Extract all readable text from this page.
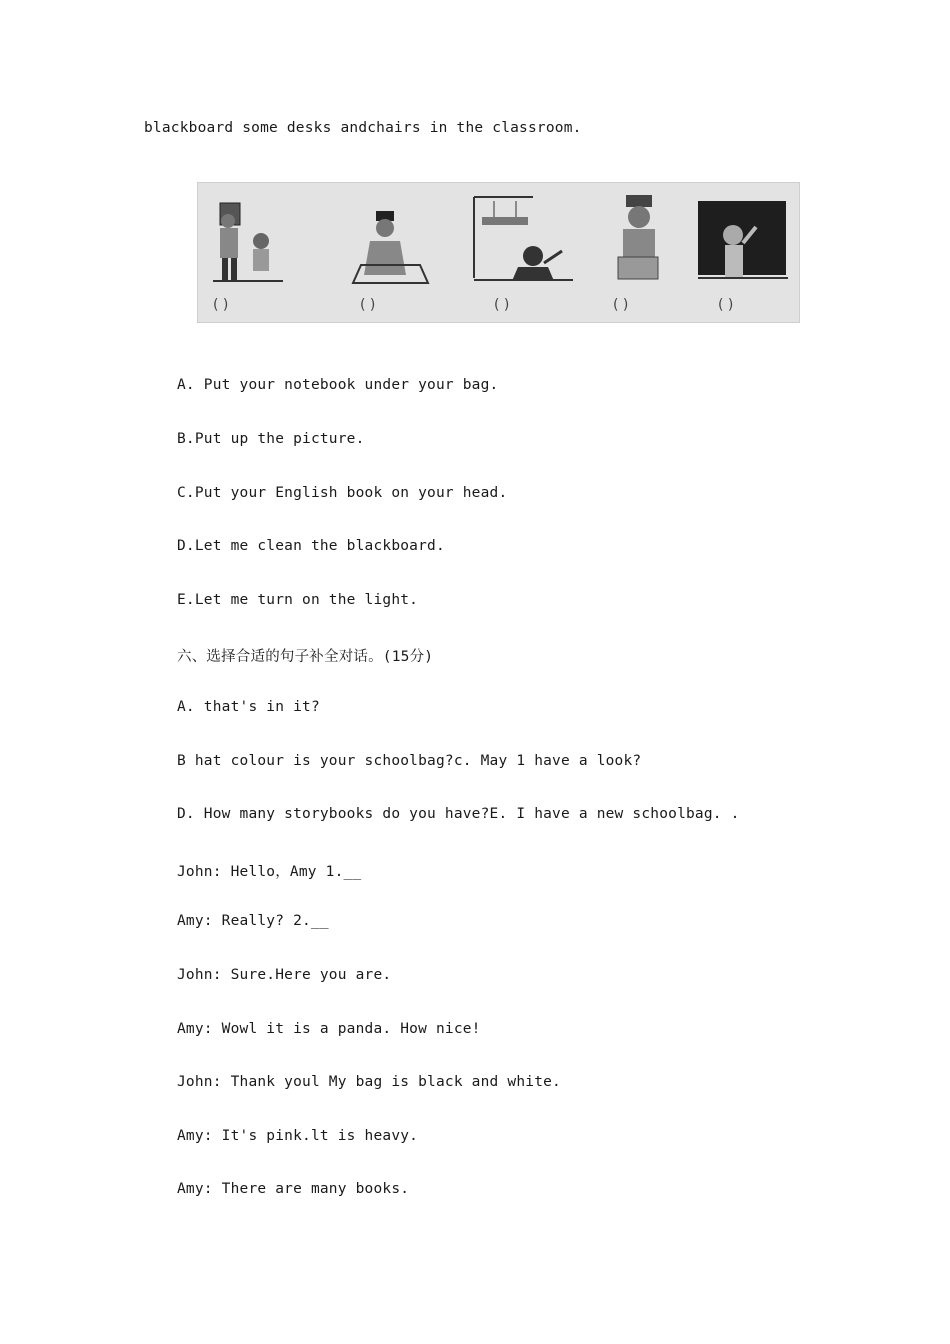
blackboard some desks andchairs in the classroom.
( )	( )	( )	( )	( )
A. Put your notebook under your bag.
B.Put up the picture.
C.Put your English book on your head.
D.Let me clean the blackboard.
E.Let me turn on the light.
六、选择合适的句子补全对话。(15分)
A. that's in it?
B hat colour is your schoolbag?c. May 1 have a look?
D. How many storybooks do you have?E. I have a new schoolbag. .
John: Hello，Amy 1.__
Amy: Really? 2.__
John: Sure.Here you are.
Amy: Wowl it is a panda. How nice!
John: Thank youl My bag is black and white.
Amy: It's pink.lt is heavy.
Amy: There are many books.
